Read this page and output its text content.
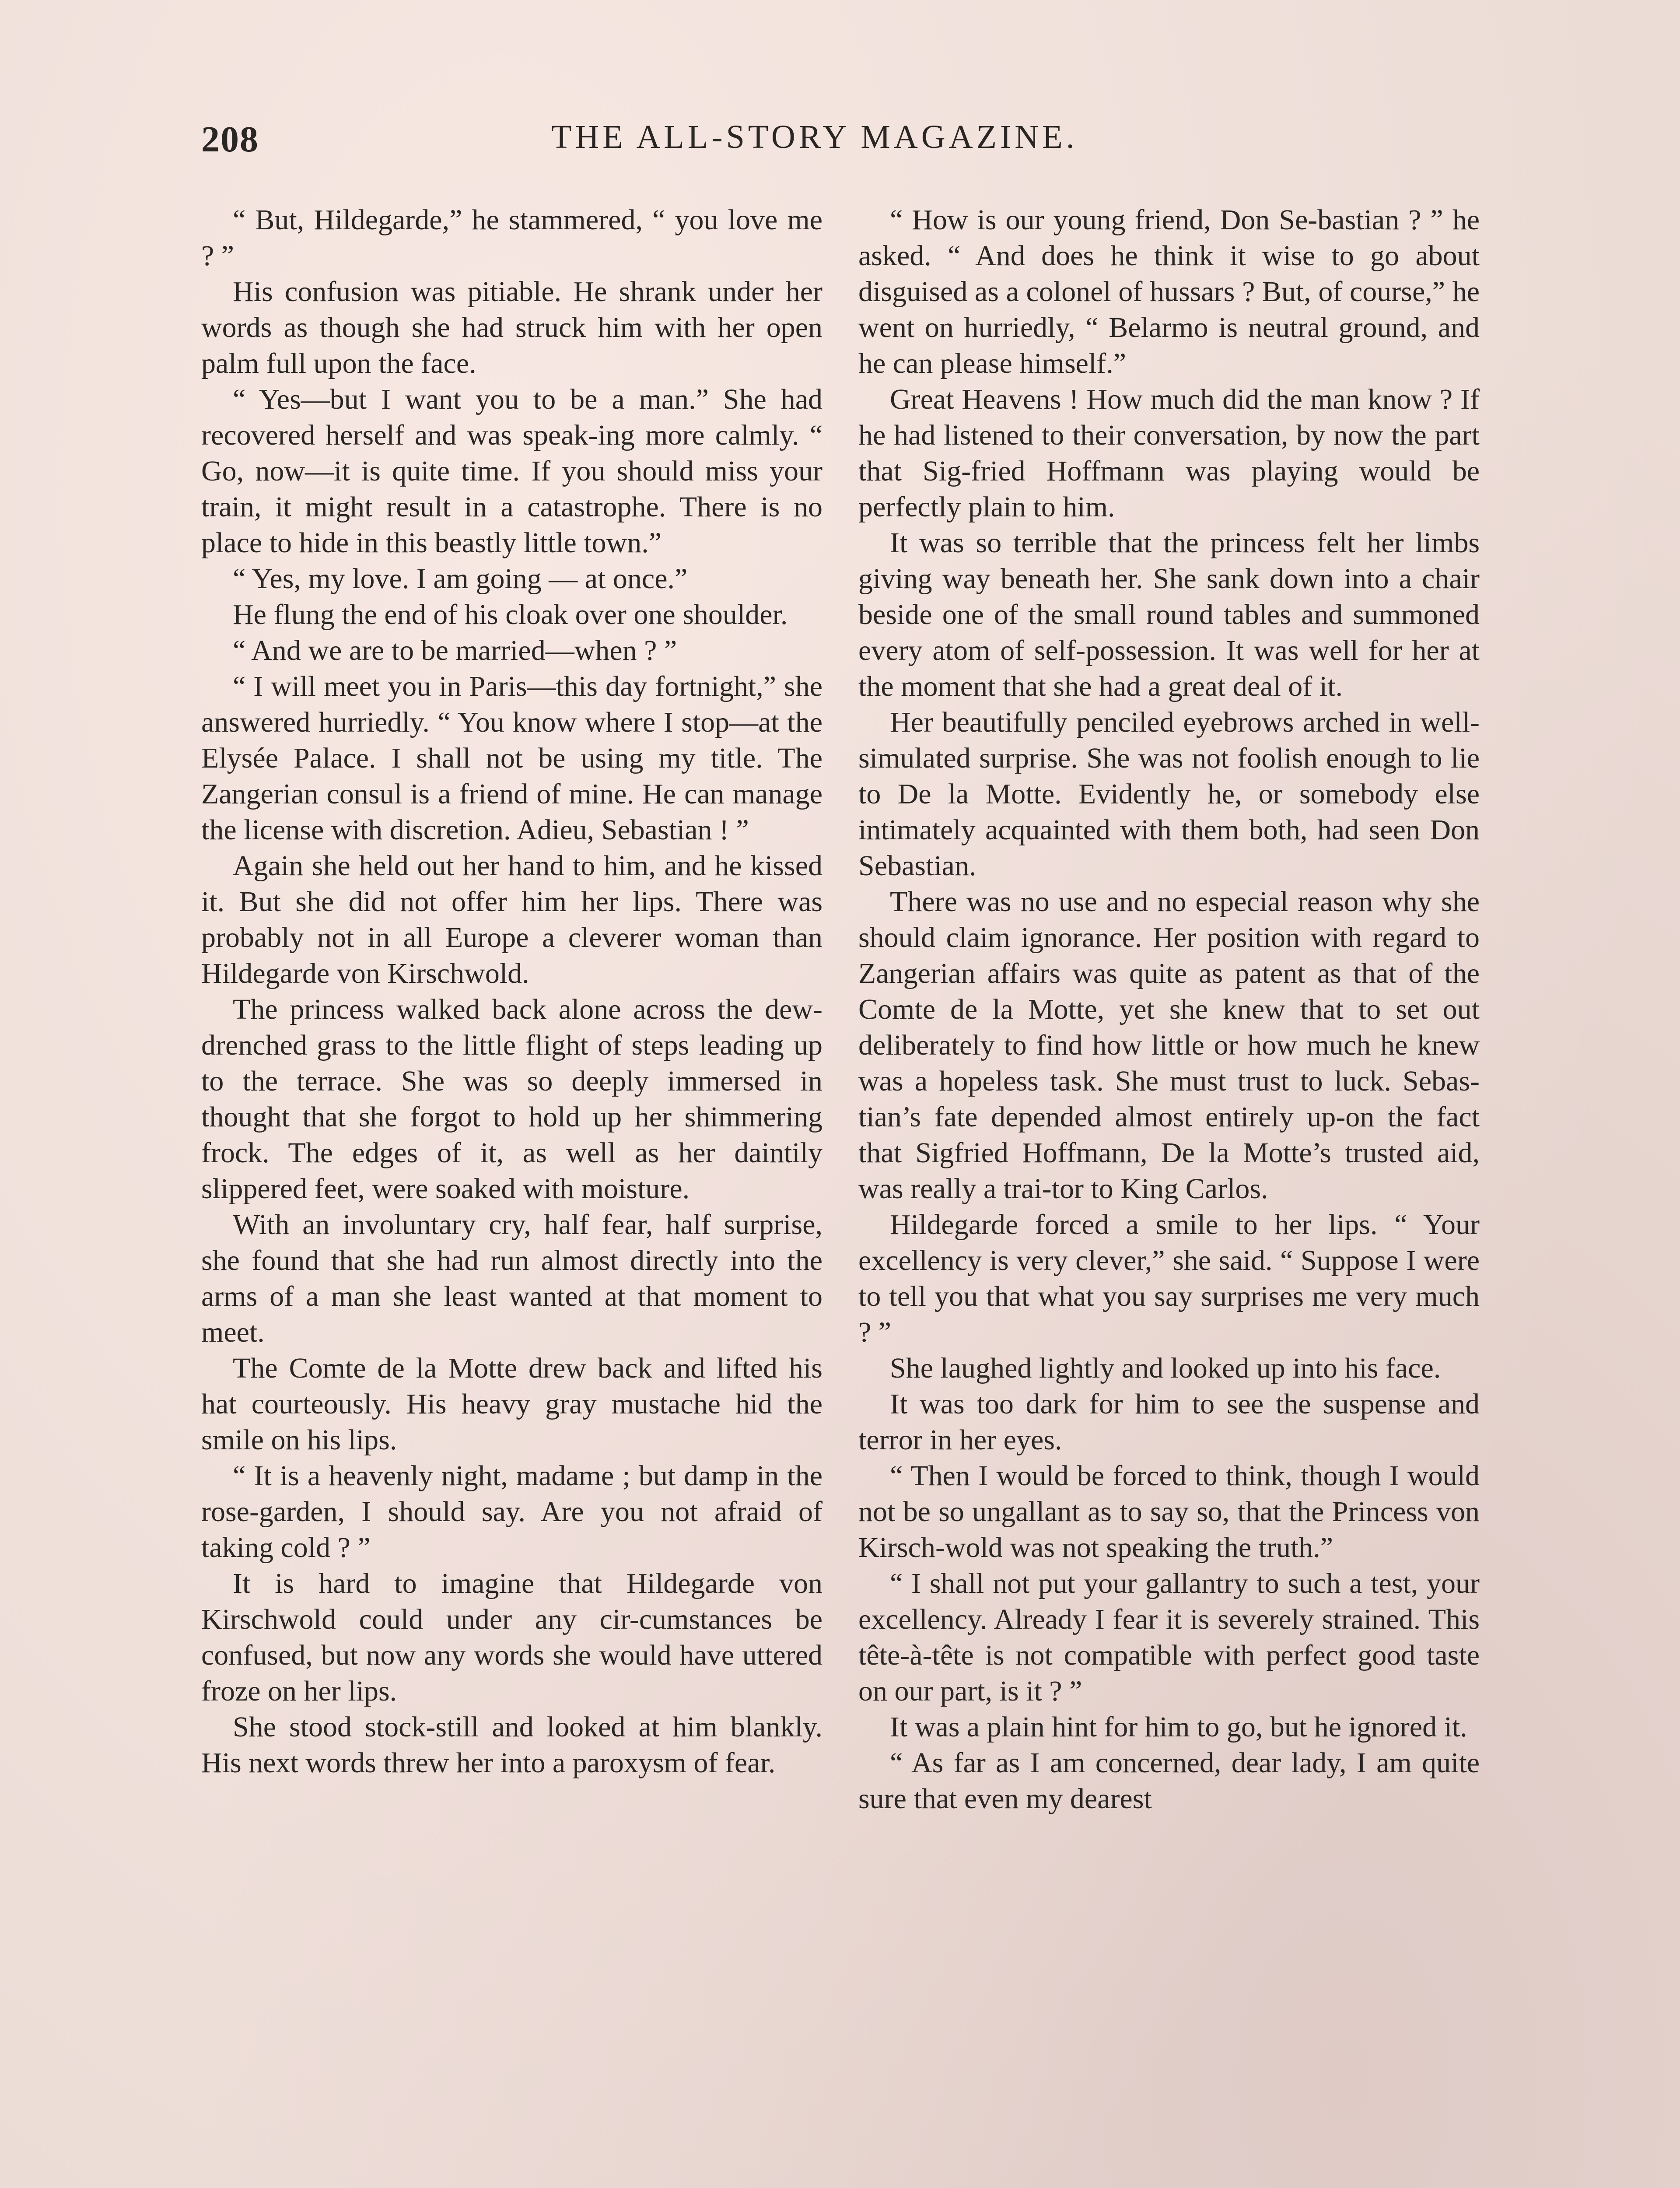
208	THE ALL-STORY MAGAZINE.

“ But, Hildegarde,” he stammered, “ you love me ? ”

His confusion was pitiable. He shrank under her words as though she had struck him with her open palm full upon the face.

“ Yes—but I want you to be a man.” She had recovered herself and was speak-ing more calmly. “ Go, now—it is quite time. If you should miss your train, it might result in a catastrophe. There is no place to hide in this beastly little town.”

“ Yes, my love. I am going — at once.”

He flung the end of his cloak over one shoulder.

“ And we are to be married—when ? ”

“ I will meet you in Paris—this day fortnight,” she answered hurriedly. “ You know where I stop—at the Elysée Palace. I shall not be using my title. The Zangerian consul is a friend of mine. He can manage the license with discretion. Adieu, Sebastian ! ”

Again she held out her hand to him, and he kissed it. But she did not offer him her lips. There was probably not in all Europe a cleverer woman than Hildegarde von Kirschwold.

The princess walked back alone across the dew-drenched grass to the little flight of steps leading up to the terrace. She was so deeply immersed in thought that she forgot to hold up her shimmering frock. The edges of it, as well as her daintily slippered feet, were soaked with moisture.

With an involuntary cry, half fear, half surprise, she found that she had run almost directly into the arms of a man she least wanted at that moment to meet.

The Comte de la Motte drew back and lifted his hat courteously. His heavy gray mustache hid the smile on his lips.

“ It is a heavenly night, madame ; but damp in the rose-garden, I should say. Are you not afraid of taking cold ? ”

It is hard to imagine that Hildegarde von Kirschwold could under any cir-cumstances be confused, but now any words she would have uttered froze on her lips.

She stood stock-still and looked at him blankly. His next words threw her into a paroxysm of fear.

“ How is our young friend, Don Se-bastian ? ” he asked. “ And does he think it wise to go about disguised as a colonel of hussars ? But, of course,” he went on hurriedly, “ Belarmo is neutral ground, and he can please himself.”

Great Heavens ! How much did the man know ? If he had listened to their conversation, by now the part that Sig-fried Hoffmann was playing would be perfectly plain to him.

It was so terrible that the princess felt her limbs giving way beneath her. She sank down into a chair beside one of the small round tables and summoned every atom of self-possession. It was well for her at the moment that she had a great deal of it.

Her beautifully penciled eyebrows arched in well-simulated surprise. She was not foolish enough to lie to De la Motte. Evidently he, or somebody else intimately acquainted with them both, had seen Don Sebastian.

There was no use and no especial reason why she should claim ignorance. Her position with regard to Zangerian affairs was quite as patent as that of the Comte de la Motte, yet she knew that to set out deliberately to find how little or how much he knew was a hopeless task. She must trust to luck. Sebas-tian’s fate depended almost entirely up-on the fact that Sigfried Hoffmann, De la Motte’s trusted aid, was really a trai-tor to King Carlos.

Hildegarde forced a smile to her lips. “ Your excellency is very clever,” she said. “ Suppose I were to tell you that what you say surprises me very much ? ”

She laughed lightly and looked up into his face.

It was too dark for him to see the suspense and terror in her eyes.

“ Then I would be forced to think, though I would not be so ungallant as to say so, that the Princess von Kirsch-wold was not speaking the truth.”

“ I shall not put your gallantry to such a test, your excellency. Already I fear it is severely strained. This tête-à-tête is not compatible with perfect good taste on our part, is it ? ”

It was a plain hint for him to go, but he ignored it.

“ As far as I am concerned, dear lady, I am quite sure that even my dearest
